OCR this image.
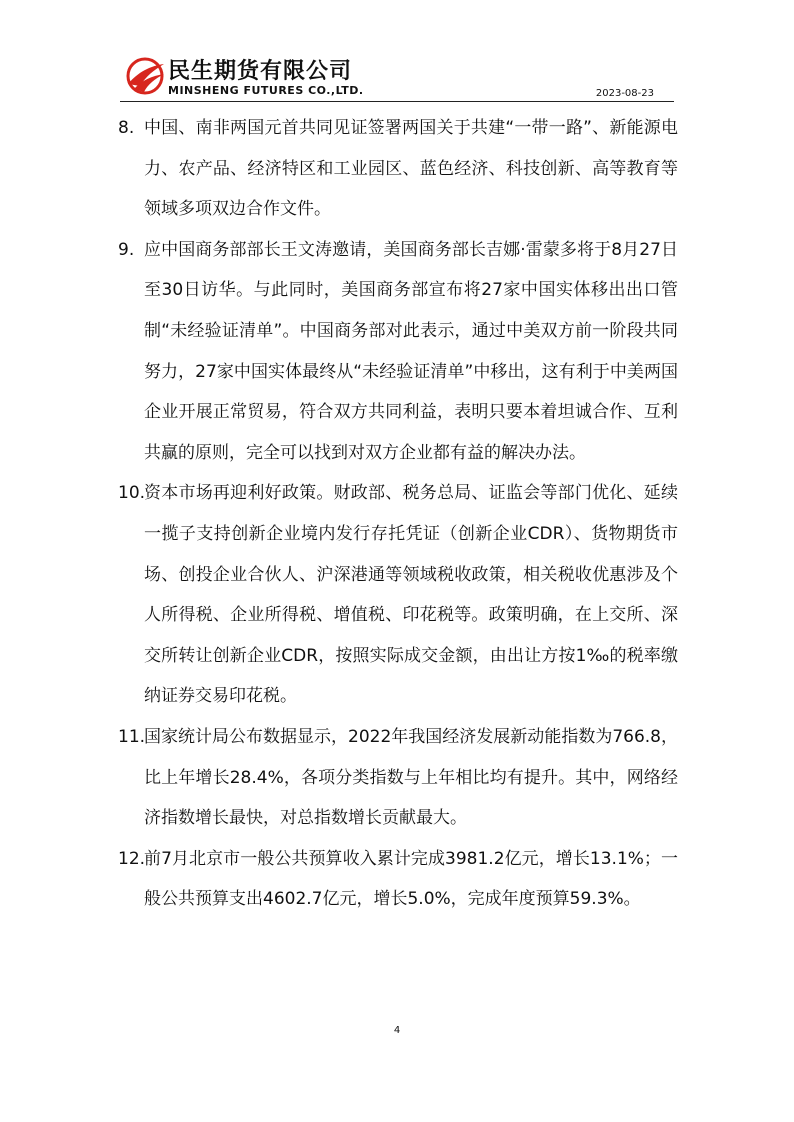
民生期货有限公司
MINSHENG FUTURES CO.,LTD.	2023-08-23
8. 中国、南非两国元首共同见证签署两国关于共建“一带一路”、新能源电力、农产品、经济特区和工业园区、蓝色经济、科技创新、高等教育等领域多项双边合作文件。
9. 应中国商务部部长王文涛邀请，美国商务部长吉娜·雷蒙多将于8月27日至30日访华。与此同时，美国商务部宣布将27家中国实体移出出口管制“未经验证清单”。中国商务部对此表示，通过中美双方前一阶段共同努力，27家中国实体最终从“未经验证清单”中移出，这有利于中美两国企业开展正常贸易，符合双方共同利益，表明只要本着坦诚合作、互利共赢的原则，完全可以找到对双方企业都有益的解决办法。
10.
资本市场再迎利好政策。财政部、税务总局、证监会等部门优化、延续一揽子支持创新企业境内发行存托凭证（创新企业CDR）、货物期货市场、创投企业合伙人、沪深港通等领域税收政策，相关税收优惠涉及个人所得税、企业所得税、增值税、印花税等。政策明确，在上交所、深交所转让创新企业CDR，按照实际成交金额，由出让方按1‰的税率缴纳证券交易印花税。
11.
国家统计局公布数据显示，2022年我国经济发展新动能指数为766.8，比上年增长28.4%，各项分类指数与上年相比均有提升。其中，网络经济指数增长最快，对总指数增长贡献最大。
12.
前7月北京市一般公共预算收入累计完成3981.2亿元，增长13.1%；一般公共预算支出4602.7亿元，增长5.0%，完成年度预算59.3%。
4
